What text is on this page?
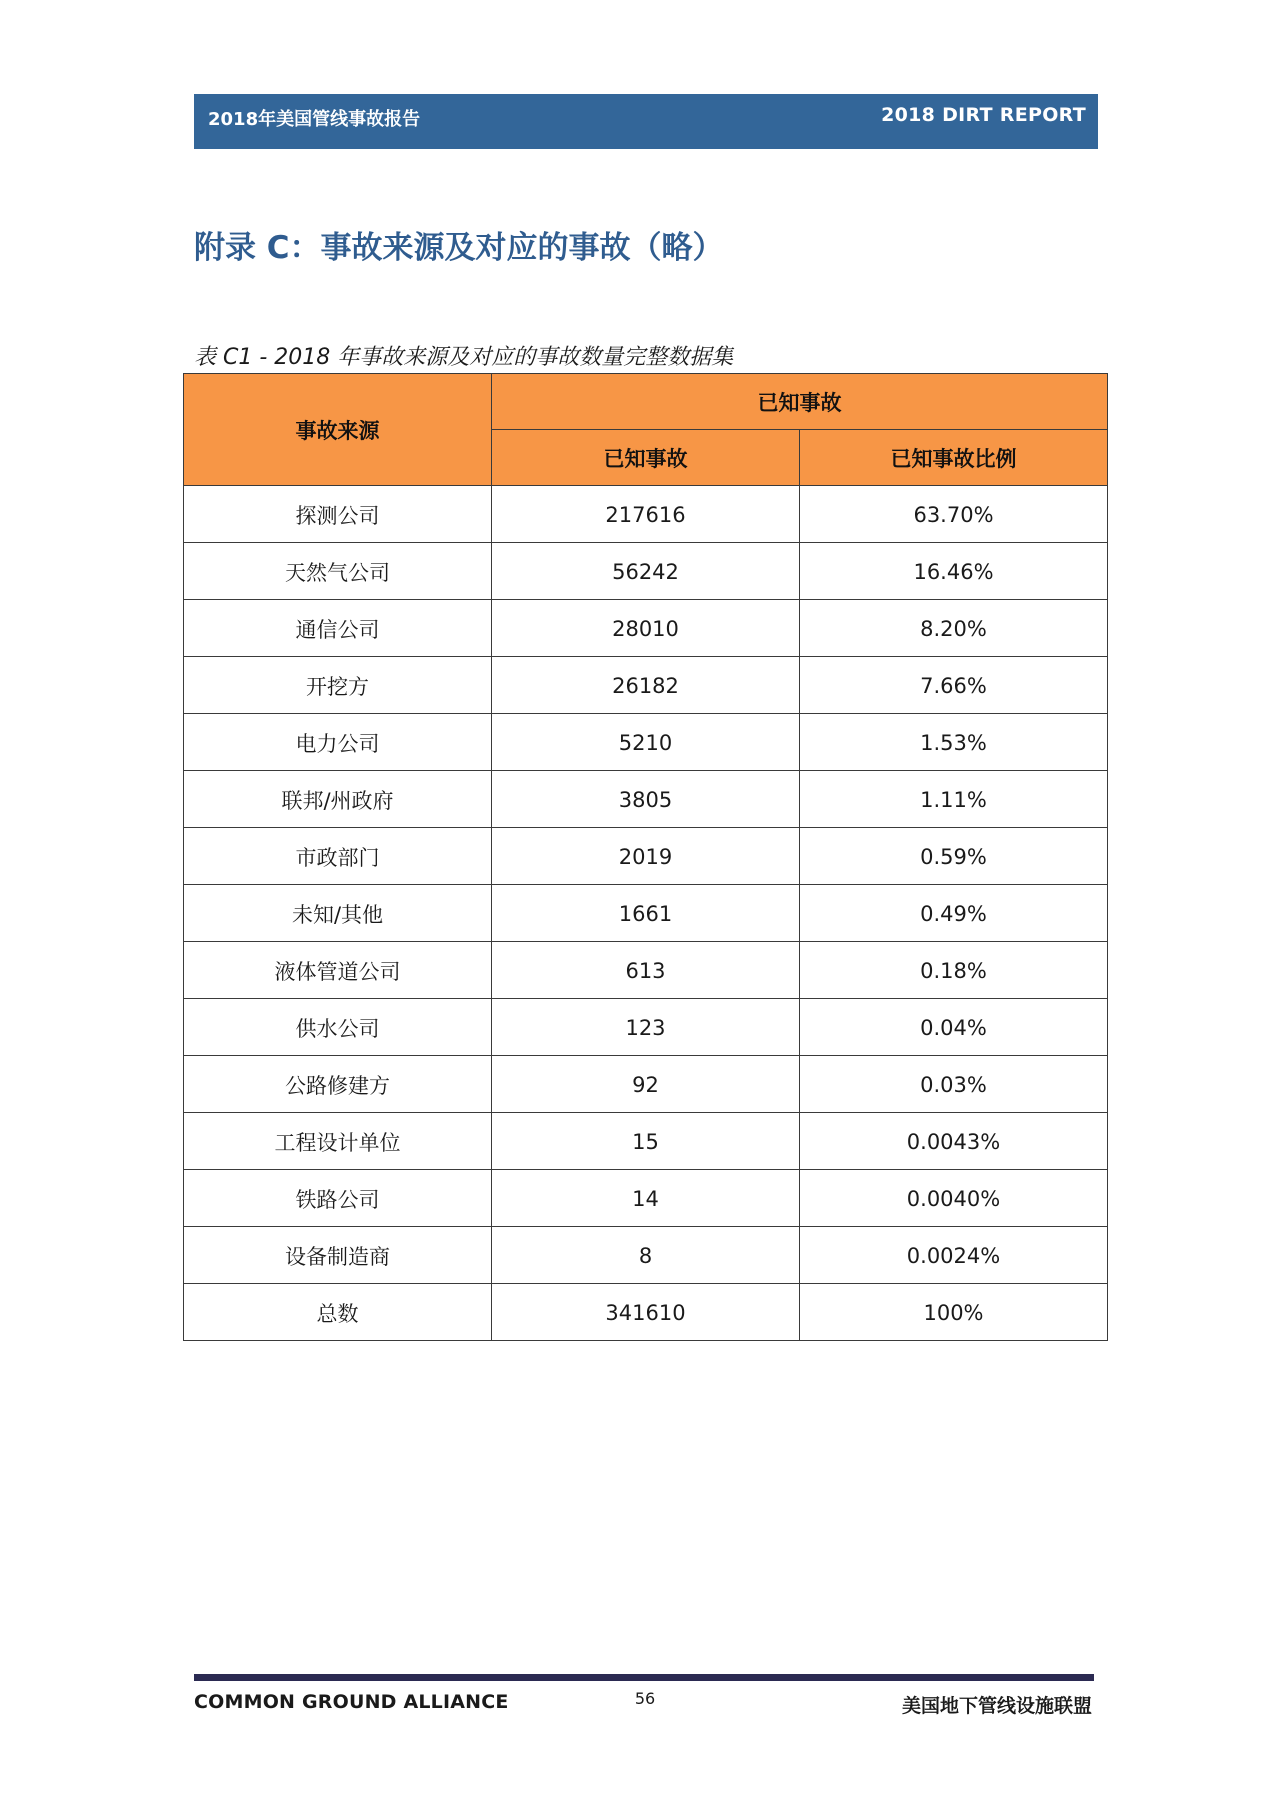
2018年美国管线事故报告	2018 DIRT REPORT
附录 C：事故来源及对应的事故（略）
表 C1 - 2018 年事故来源及对应的事故数量完整数据集
事故来源	已知事故	
	已知事故	已知事故比例
探测公司	217616	63.70%
天然气公司	56242	16.46%
通信公司	28010	8.20%
开挖方	26182	7.66%
电力公司	5210	1.53%
联邦/州政府	3805	1.11%
市政部门	2019	0.59%
未知/其他	1661	0.49%
液体管道公司	613	0.18%
供水公司	123	0.04%
公路修建方	92	0.03%
工程设计单位	15	0.0043%
铁路公司	14	0.0040%
设备制造商	8	0.0024%
总数	341610	100%
COMMON GROUND ALLIANCE	56	美国地下管线设施联盟
